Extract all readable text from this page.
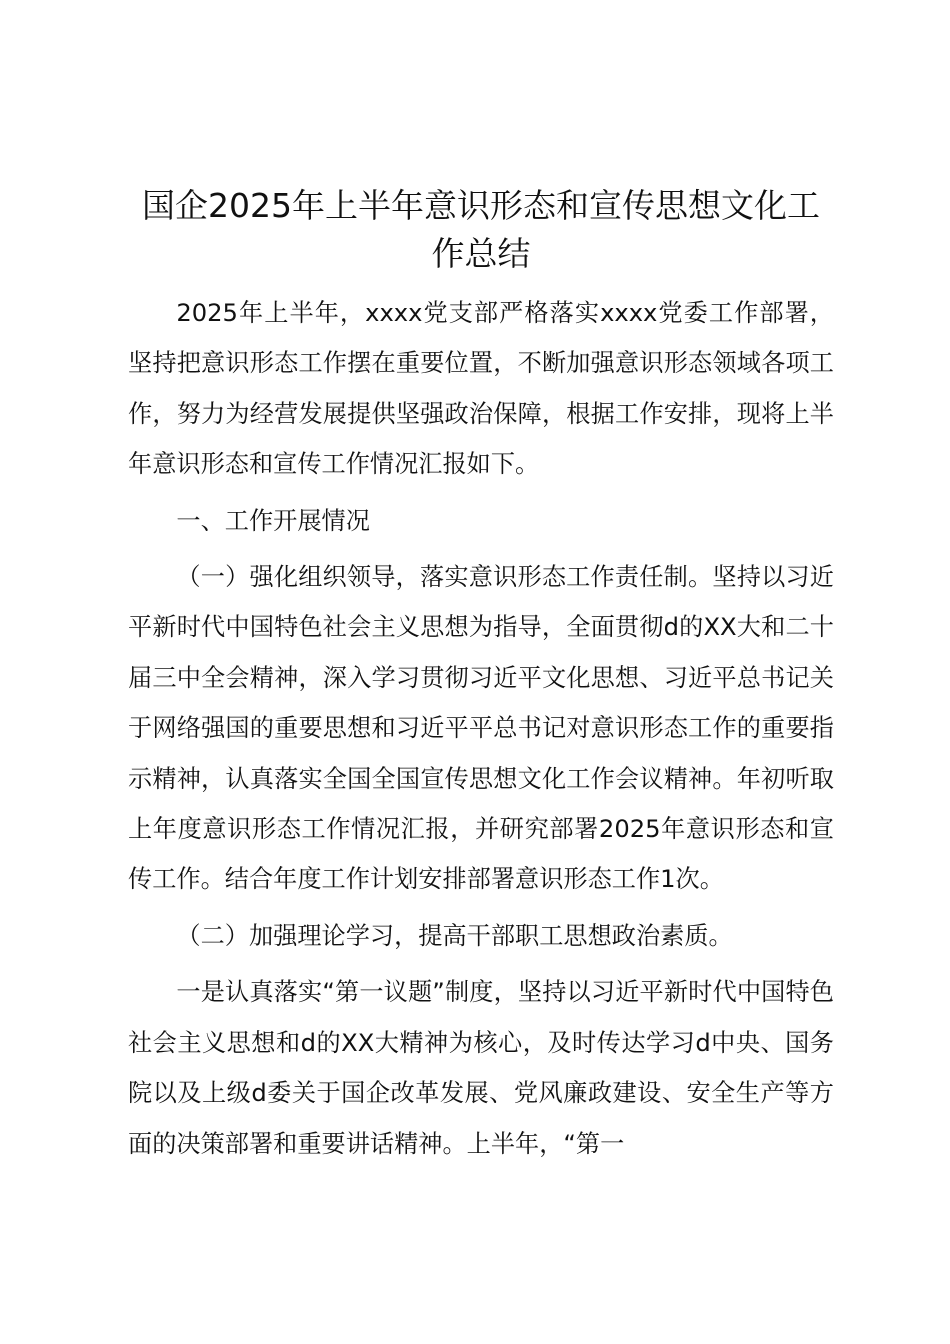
国企2025年上半年意识形态和宣传思想文化工作总结

2025年上半年，xxxx党支部严格落实xxxx党委工作部署，坚持把意识形态工作摆在重要位置，不断加强意识形态领域各项工作，努力为经营发展提供坚强政治保障，根据工作安排，现将上半年意识形态和宣传工作情况汇报如下。

一、工作开展情况

（一）强化组织领导，落实意识形态工作责任制。坚持以习近平新时代中国特色社会主义思想为指导，全面贯彻d的XX大和二十届三中全会精神，深入学习贯彻习近平文化思想、习近平总书记关于网络强国的重要思想和习近平平总书记对意识形态工作的重要指示精神，认真落实全国全国宣传思想文化工作会议精神。年初听取上年度意识形态工作情况汇报，并研究部署2025年意识形态和宣传工作。结合年度工作计划安排部署意识形态工作1次。

（二）加强理论学习，提高干部职工思想政治素质。

一是认真落实“第一议题”制度，坚持以习近平新时代中国特色社会主义思想和d的XX大精神为核心，及时传达学习d中央、国务院以及上级d委关于国企改革发展、党风廉政建设、安全生产等方面的决策部署和重要讲话精神。上半年，“第一
